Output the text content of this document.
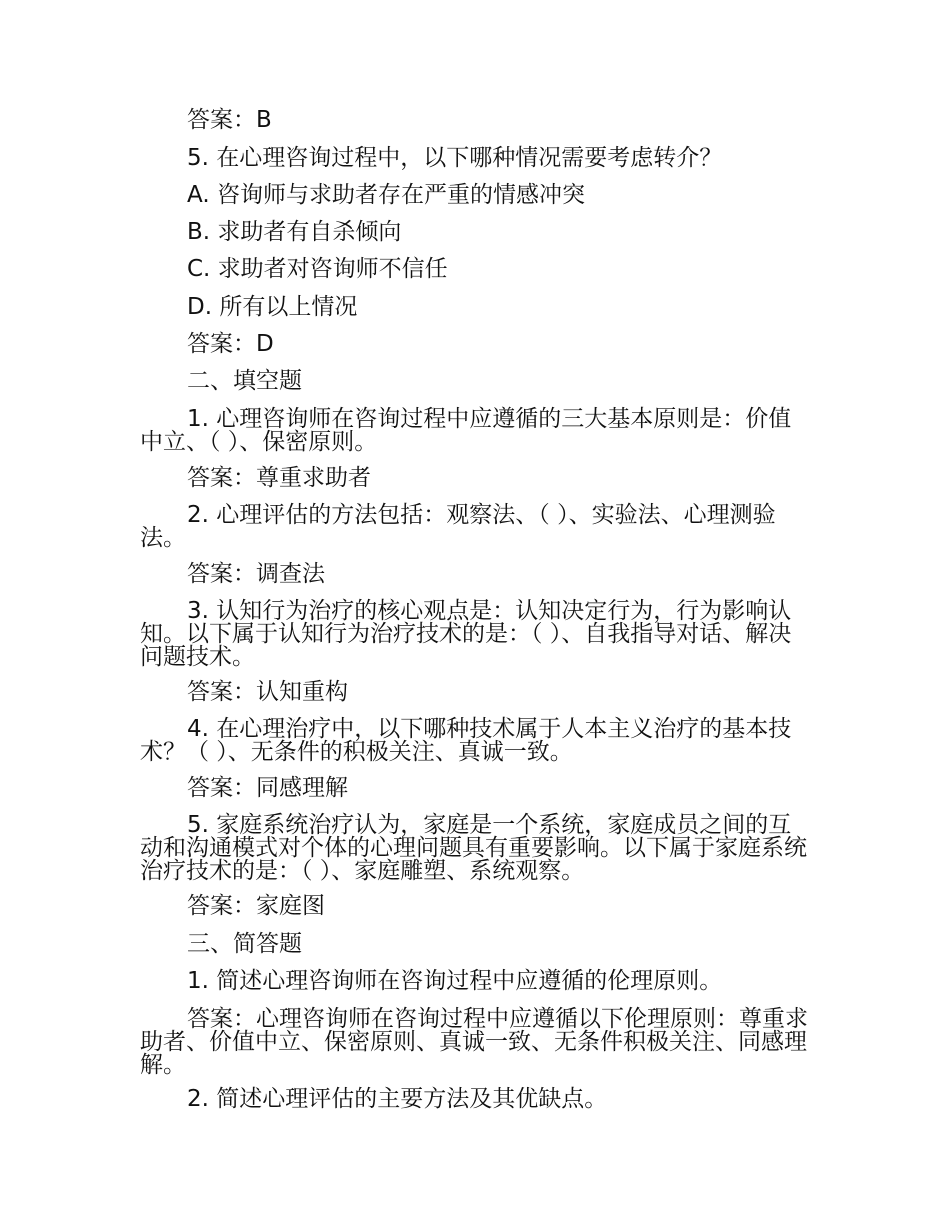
答案：B
5. 在心理咨询过程中，以下哪种情况需要考虑转介？
A. 咨询师与求助者存在严重的情感冲突
B. 求助者有自杀倾向
C. 求助者对咨询师不信任
D. 所有以上情况
答案：D
二、填空题
1. 心理咨询师在咨询过程中应遵循的三大基本原则是：价值中立、（ ）、保密原则。
答案：尊重求助者
2. 心理评估的方法包括：观察法、（ ）、实验法、心理测验法。
答案：调查法
3. 认知行为治疗的核心观点是：认知决定行为，行为影响认知。以下属于认知行为治疗技术的是：（ ）、自我指导对话、解决问题技术。
答案：认知重构
4. 在心理治疗中，以下哪种技术属于人本主义治疗的基本技术？（ ）、无条件的积极关注、真诚一致。
答案：同感理解
5. 家庭系统治疗认为，家庭是一个系统，家庭成员之间的互动和沟通模式对个体的心理问题具有重要影响。以下属于家庭系统治疗技术的是：（ ）、家庭雕塑、系统观察。
答案：家庭图
三、简答题
1. 简述心理咨询师在咨询过程中应遵循的伦理原则。
答案：心理咨询师在咨询过程中应遵循以下伦理原则：尊重求助者、价值中立、保密原则、真诚一致、无条件积极关注、同感理解。
2. 简述心理评估的主要方法及其优缺点。
